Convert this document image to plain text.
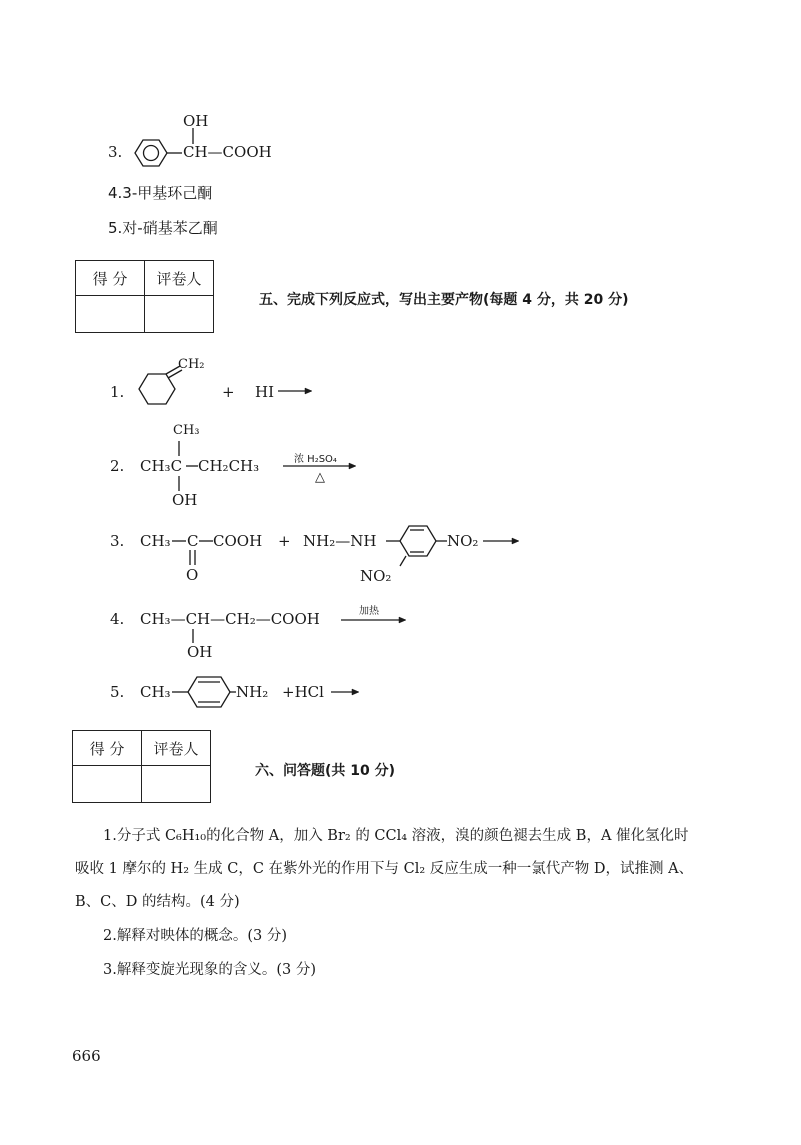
3.
OH
CH—COOH
4.3-甲基环己酮
5.对-硝基苯乙酮
得 分	评卷人

五、完成下列反应式，写出主要产物(每题 4 分，共 20 分)
1.
CH₂
+ HI
2.
CH₃
CH₃C CH₂CH₃
OH
浓 H₂SO₄
△
3. CH₃ C COOH + NH₂—NH	NO₂
O	NO₂
4. CH₃—CH—CH₂—COOH
OH
加热
5. CH₃	NH₂ +HCl
得 分	评卷人

六、问答题(共 10 分)
1.分子式 C₆H₁₀的化合物 A，加入 Br₂ 的 CCl₄ 溶液，溴的颜色褪去生成 B，A 催化氢化时
吸收 1 摩尔的 H₂ 生成 C，C 在紫外光的作用下与 Cl₂ 反应生成一种一氯代产物 D，试推测 A、
B、C、D 的结构。(4 分)
2.解释对映体的概念。(3 分)
3.解释变旋光现象的含义。(3 分)
666
